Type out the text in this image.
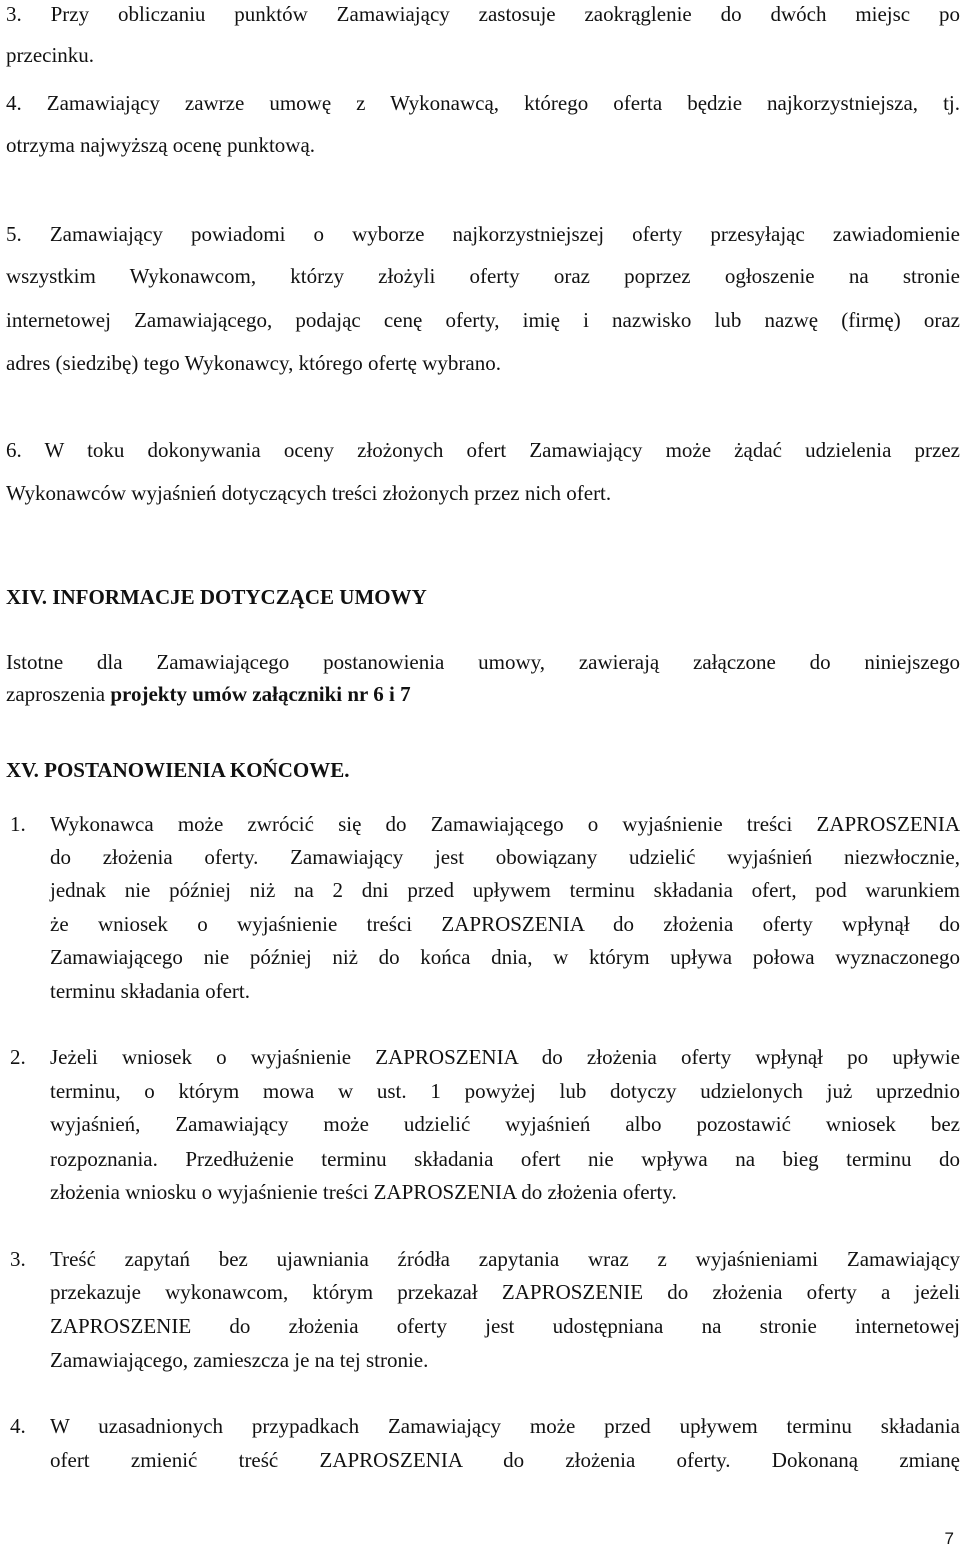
3. Przy obliczaniu punktów Zamawiający zastosuje zaokrąglenie do dwóch miejsc po
przecinku.
4. Zamawiający zawrze umowę z Wykonawcą, którego oferta będzie najkorzystniejsza, tj.
otrzyma najwyższą ocenę punktową.
5. Zamawiający powiadomi o wyborze najkorzystniejszej oferty przesyłając zawiadomienie
wszystkim Wykonawcom, którzy złożyli oferty oraz poprzez ogłoszenie na stronie
internetowej Zamawiającego, podając cenę oferty, imię i nazwisko lub nazwę (firmę) oraz
adres (siedzibę) tego Wykonawcy, którego ofertę wybrano.
6. W toku dokonywania oceny złożonych ofert Zamawiający może żądać udzielenia przez
Wykonawców wyjaśnień dotyczących treści złożonych przez nich ofert.
XIV. INFORMACJE DOTYCZĄCE UMOWY
Istotne dla Zamawiającego postanowienia umowy, zawierają załączone do niniejszego
zaproszenia projekty umów załączniki nr 6 i 7
XV. POSTANOWIENIA KOŃCOWE.
1. Wykonawca może zwrócić się do Zamawiającego o wyjaśnienie treści ZAPROSZENIA
do złożenia oferty. Zamawiający jest obowiązany udzielić wyjaśnień niezwłocznie,
jednak nie później niż na 2 dni przed upływem terminu składania ofert, pod warunkiem
że wniosek o wyjaśnienie treści ZAPROSZENIA do złożenia oferty wpłynął do
Zamawiającego nie później niż do końca dnia, w którym upływa połowa wyznaczonego
terminu składania ofert.
2. Jeżeli wniosek o wyjaśnienie ZAPROSZENIA do złożenia oferty wpłynął po upływie
terminu, o którym mowa w ust. 1 powyżej lub dotyczy udzielonych już uprzednio
wyjaśnień, Zamawiający może udzielić wyjaśnień albo pozostawić wniosek bez
rozpoznania. Przedłużenie terminu składania ofert nie wpływa na bieg terminu do
złożenia wniosku o wyjaśnienie treści ZAPROSZENIA do złożenia oferty.
3. Treść zapytań bez ujawniania źródła zapytania wraz z wyjaśnieniami Zamawiający
przekazuje wykonawcom, którym przekazał ZAPROSZENIE do złożenia oferty a jeżeli
ZAPROSZENIE do złożenia oferty jest udostępniana na stronie internetowej
Zamawiającego, zamieszcza je na tej stronie.
4. W uzasadnionych przypadkach Zamawiający może przed upływem terminu składania
ofert zmienić treść ZAPROSZENIA do złożenia oferty. Dokonaną zmianę
7
